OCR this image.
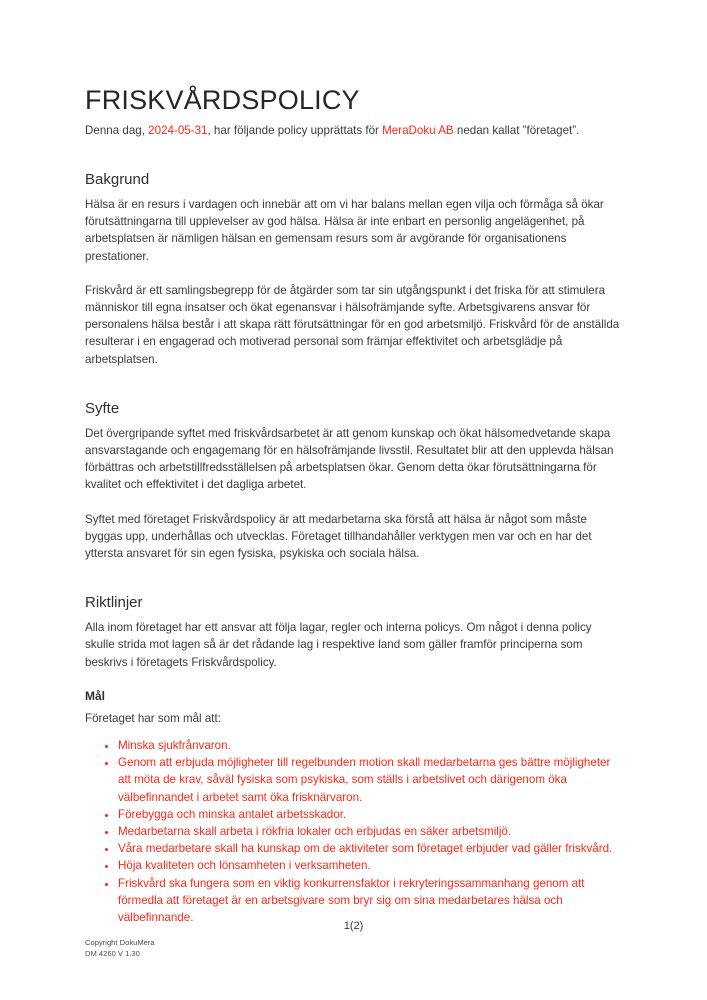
FRISKVÅRDSPOLICY

Denna dag, 2024-05-31, har följande policy upprättats för MeraDoku AB nedan kallat ”företaget”.

Bakgrund

Hälsa är en resurs i vardagen och innebär att om vi har balans mellan egen vilja och förmåga så ökar förutsättningarna till upplevelser av god hälsa. Hälsa är inte enbart en personlig angelägenhet, på arbetsplatsen är nämligen hälsan en gemensam resurs som är avgörande för organisationens prestationer.

Friskvård är ett samlingsbegrepp för de åtgärder som tar sin utgångspunkt i det friska för att stimulera människor till egna insatser och ökat egenansvar i hälsofrämjande syfte. Arbetsgivarens ansvar för personalens hälsa består i att skapa rätt förutsättningar för en god arbetsmiljö. Friskvård för de anställda resulterar i en engagerad och motiverad personal som främjar effektivitet och arbetsglädje på arbetsplatsen.

Syfte

Det övergripande syftet med friskvårdsarbetet är att genom kunskap och ökat hälsomedvetande skapa ansvarstagande och engagemang för en hälsofrämjande livsstil. Resultatet blir att den upplevda hälsan förbättras och arbetstillfredsställelsen på arbetsplatsen ökar. Genom detta ökar förutsättningarna för kvalitet och effektivitet i det dagliga arbetet.

Syftet med företaget Friskvårdspolicy är att medarbetarna ska förstå att hälsa är något som måste byggas upp, underhållas och utvecklas. Företaget tillhandahåller verktygen men var och en har det yttersta ansvaret för sin egen fysiska, psykiska och sociala hälsa.

Riktlinjer

Alla inom företaget har ett ansvar att följa lagar, regler och interna policys. Om något i denna policy skulle strida mot lagen så är det rådande lag i respektive land som gäller framför principerna som beskrivs i företagets Friskvårdspolicy.

Mål

Företaget har som mål att:

• Minska sjukfrånvaron.
• Genom att erbjuda möjligheter till regelbunden motion skall medarbetarna ges bättre möjligheter att möta de krav, såväl fysiska som psykiska, som ställs i arbetslivet och därigenom öka välbefinnandet i arbetet samt öka frisknärvaron.
• Förebygga och minska antalet arbetsskador.
• Medarbetarna skall arbeta i rökfria lokaler och erbjudas en säker arbetsmiljö.
• Våra medarbetare skall ha kunskap om de aktiviteter som företaget erbjuder vad gäller friskvård.
• Höja kvaliteten och lönsamheten i verksamheten.
• Friskvård ska fungera som en viktig konkurrensfaktor i rekryteringssammanhang genom att förmedla att företaget är en arbetsgivare som bryr sig om sina medarbetares hälsa och välbefinnande.
1(2)
Copyright DokuMera
DM 4260 V 1.30
